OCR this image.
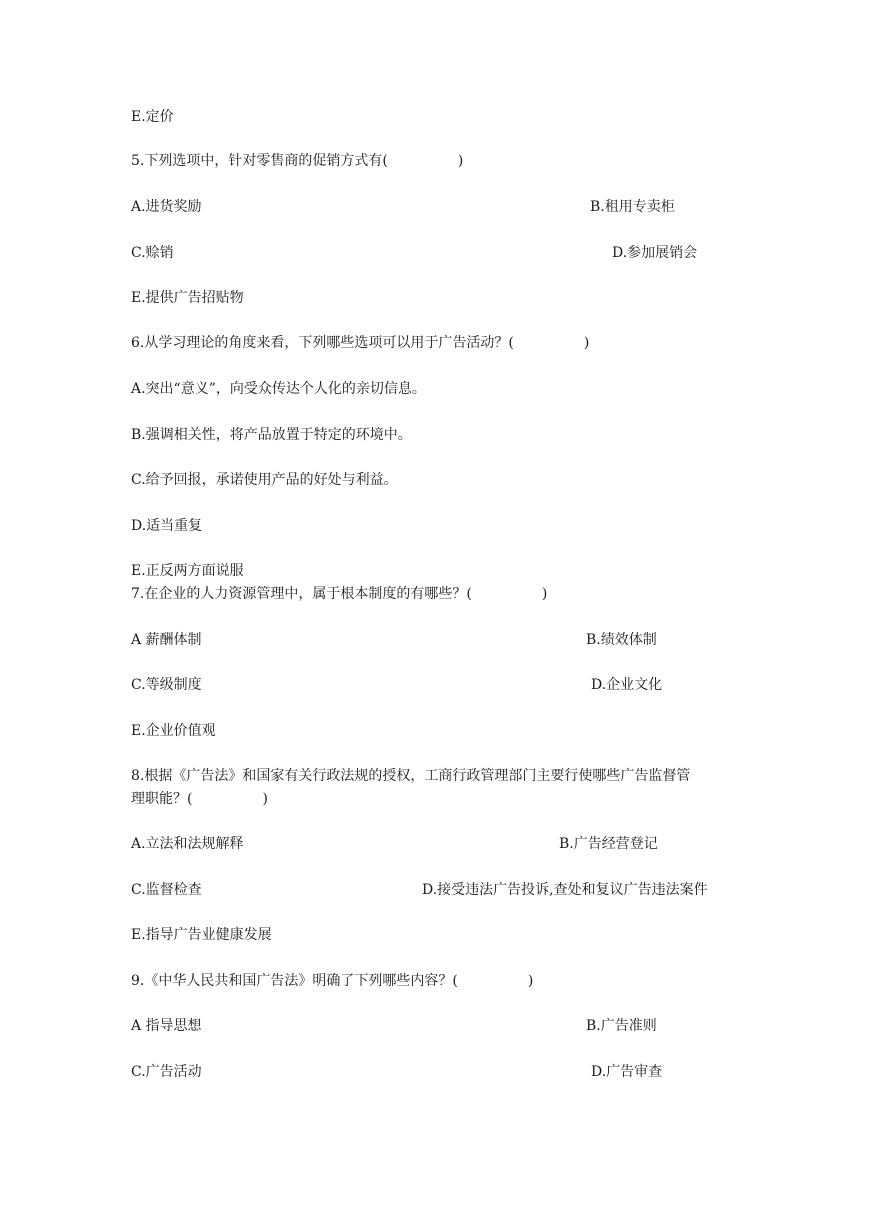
E.定价
5.下列选项中，针对零售商的促销方式有(　　　　　)
A.进货奖励	B.租用专卖柜
C.赊销	D.参加展销会
E.提供广告招贴物
6.从学习理论的角度来看，下列哪些选项可以用于广告活动？(　　　　　)
A.突出“意义”，向受众传达个人化的亲切信息。
B.强调相关性，将产品放置于特定的环境中。
C.给予回报，承诺使用产品的好处与利益。
D.适当重复
E.正反两方面说服
7.在企业的人力资源管理中，属于根本制度的有哪些？(　　　　　)
A 薪酬体制	B.绩效体制
C.等级制度	D.企业文化
E.企业价值观
8.根据《广告法》和国家有关行政法规的授权，工商行政管理部门主要行使哪些广告监督管
理职能？(　　　　　)
A.立法和法规解释	B.广告经营登记
C.监督检查	D.接受违法广告投诉,查处和复议广告违法案件
E.指导广告业健康发展
9.《中华人民共和国广告法》明确了下列哪些内容？(　　　　　)
A 指导思想	B.广告准则
C.广告活动	D.广告审查
